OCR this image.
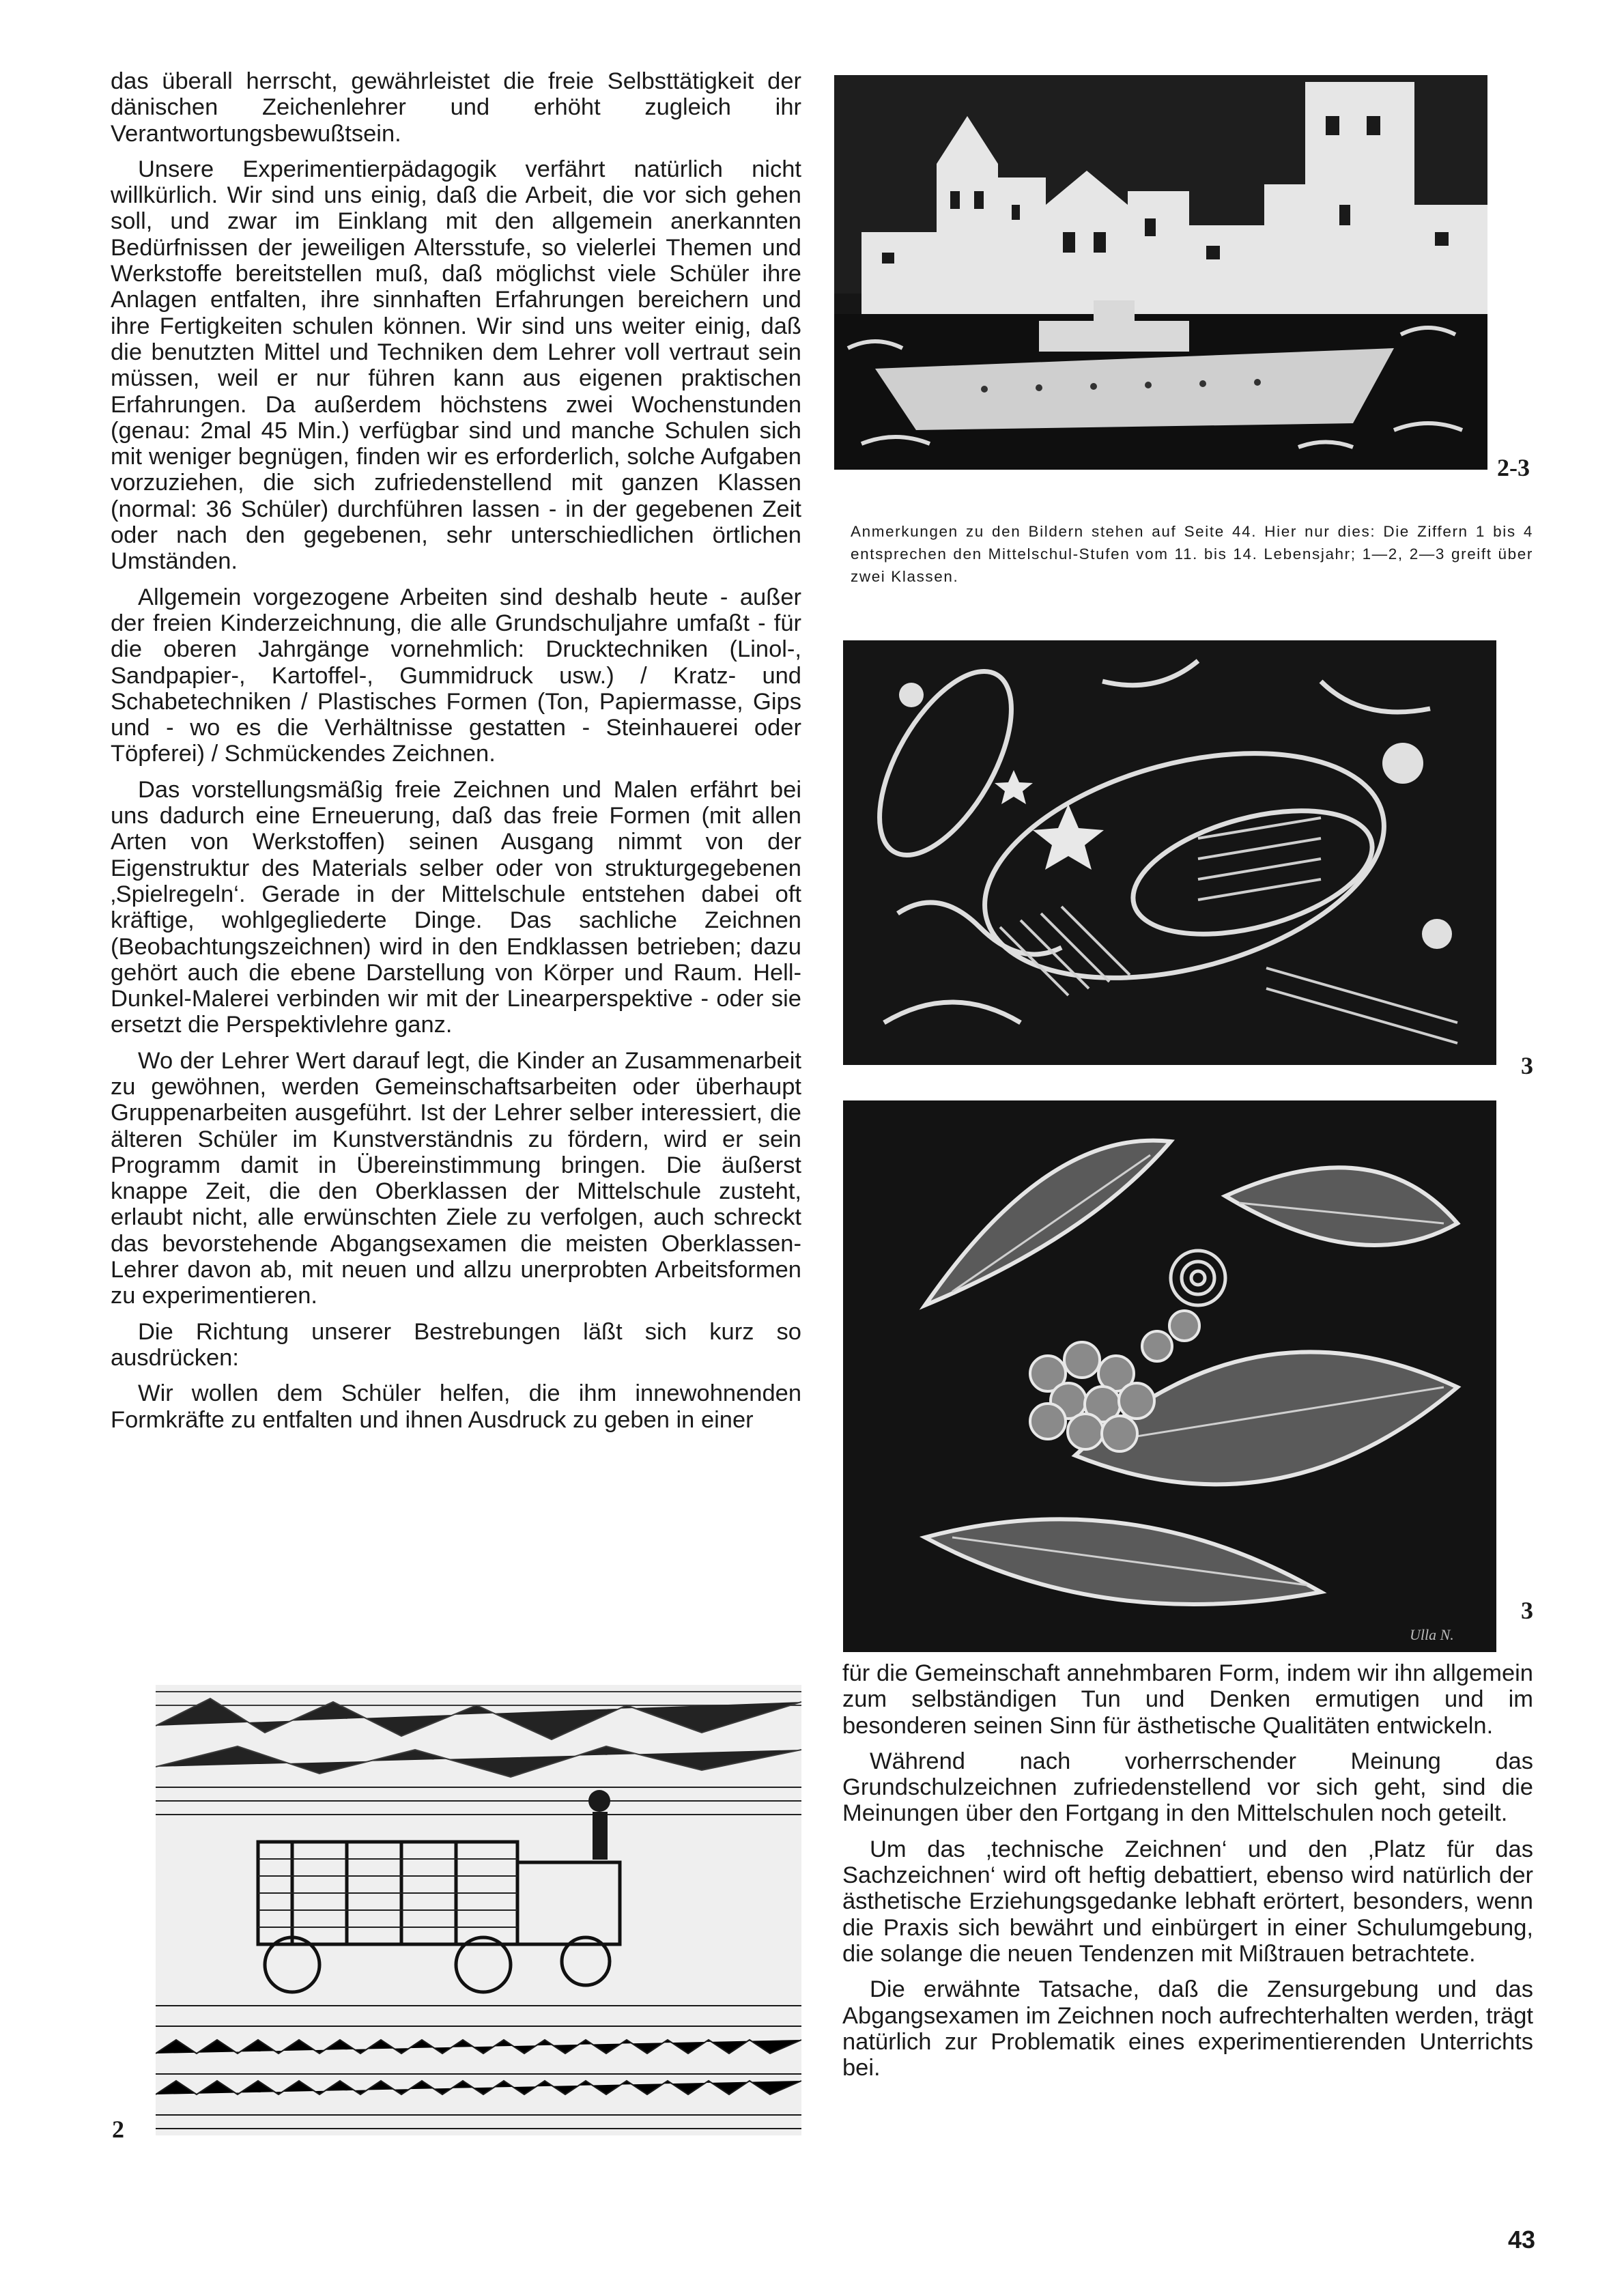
das überall herrscht, gewährleistet die freie Selbsttätigkeit der dänischen Zeichenlehrer und erhöht zugleich ihr Verantwortungsbewußtsein.

Unsere Experimentierpädagogik verfährt natürlich nicht willkürlich. Wir sind uns einig, daß die Arbeit, die vor sich gehen soll, und zwar im Einklang mit den allgemein anerkannten Bedürfnissen der jeweiligen Altersstufe, so vielerlei Themen und Werkstoffe bereitstellen muß, daß möglichst viele Schüler ihre Anlagen entfalten, ihre sinnhaften Erfahrungen bereichern und ihre Fertigkeiten schulen können. Wir sind uns weiter einig, daß die benutzten Mittel und Techniken dem Lehrer voll vertraut sein müssen, weil er nur führen kann aus eigenen praktischen Erfahrungen. Da außerdem höchstens zwei Wochenstunden (genau: 2mal 45 Min.) verfügbar sind und manche Schulen sich mit weniger begnügen, finden wir es erforderlich, solche Aufgaben vorzuziehen, die sich zufriedenstellend mit ganzen Klassen (normal: 36 Schüler) durchführen lassen - in der gegebenen Zeit oder nach den gegebenen, sehr unterschiedlichen örtlichen Umständen.

Allgemein vorgezogene Arbeiten sind deshalb heute - außer der freien Kinderzeichnung, die alle Grundschuljahre umfaßt - für die oberen Jahrgänge vornehmlich: Drucktechniken (Linol-, Sandpapier-, Kartoffel-, Gummidruck usw.) / Kratz- und Schabetechniken / Plastisches Formen (Ton, Papiermasse, Gips und - wo es die Verhältnisse gestatten - Steinhauerei oder Töpferei) / Schmückendes Zeichnen.

Das vorstellungsmäßig freie Zeichnen und Malen erfährt bei uns dadurch eine Erneuerung, daß das freie Formen (mit allen Arten von Werkstoffen) seinen Ausgang nimmt von der Eigenstruktur des Materials selber oder von strukturgegebenen ‚Spielregeln‘. Gerade in der Mittelschule entstehen dabei oft kräftige, wohlgegliederte Dinge. Das sachliche Zeichnen (Beobachtungszeichnen) wird in den Endklassen betrieben; dazu gehört auch die ebene Darstellung von Körper und Raum. Hell-Dunkel-Malerei verbinden wir mit der Linearperspektive - oder sie ersetzt die Perspektivlehre ganz.

Wo der Lehrer Wert darauf legt, die Kinder an Zusammenarbeit zu gewöhnen, werden Gemeinschaftsarbeiten oder überhaupt Gruppenarbeiten ausgeführt. Ist der Lehrer selber interessiert, die älteren Schüler im Kunstverständnis zu fördern, wird er sein Programm damit in Übereinstimmung bringen. Die äußerst knappe Zeit, die den Oberklassen der Mittelschule zusteht, erlaubt nicht, alle erwünschten Ziele zu verfolgen, auch schreckt das bevorstehende Abgangsexamen die meisten Oberklassen-Lehrer davon ab, mit neuen und allzu unerprobten Arbeitsformen zu experimentieren.

Die Richtung unserer Bestrebungen läßt sich kurz so ausdrücken:

Wir wollen dem Schüler helfen, die ihm innewohnenden Formkräfte zu entfalten und ihnen Ausdruck zu geben in einer

2-3
Anmerkungen zu den Bildern stehen auf Seite 44. Hier nur dies: Die Ziffern 1 bis 4 entsprechen den Mittelschul-Stufen vom 11. bis 14. Lebensjahr; 1—2, 2—3 greift über zwei Klassen.
3
Ulla N.
3
2

für die Gemeinschaft annehmbaren Form, indem wir ihn allgemein zum selbständigen Tun und Denken ermutigen und im besonderen seinen Sinn für ästhetische Qualitäten entwickeln.

Während nach vorherrschender Meinung das Grundschulzeichnen zufriedenstellend vor sich geht, sind die Meinungen über den Fortgang in den Mittelschulen noch geteilt.

Um das ‚technische Zeichnen‘ und den ‚Platz für das Sachzeichnen‘ wird oft heftig debattiert, ebenso wird natürlich der ästhetische Erziehungsgedanke lebhaft erörtert, besonders, wenn die Praxis sich bewährt und einbürgert in einer Schulumgebung, die solange die neuen Tendenzen mit Mißtrauen betrachtete.

Die erwähnte Tatsache, daß die Zensurgebung und das Abgangsexamen im Zeichnen noch aufrechterhalten werden, trägt natürlich zur Problematik eines experimentierenden Unterrichts bei.

43
